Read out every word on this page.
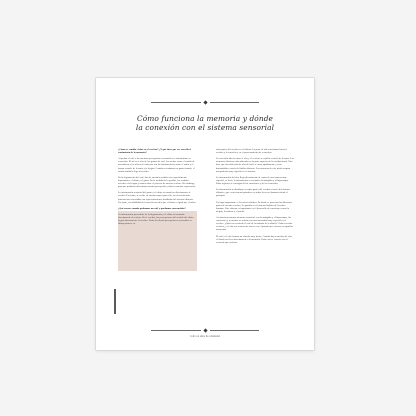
Cómo funciona la memoria y dónde
la conexión con el sistema sensorial

¿Cómo se estudia el olor en el cerebro? ¿Y qué tiene que ver con ello el sentimiento de la memoria?

Al probar el café o las nuestras percepciones sensoriales se transforman en recuerdos. El sol es el olor de los granos de café, los sueños como el sonido de una música y los olores de cada uno son las informaciones sobre el sabor y el aroma a través de la nariz y la lengua. Cuando recordamos un gusto tostado, el sonido también llega al cerebro.

En la degustación del café, dos de nuestros sentidos son especialmente importantes: el olfato y el gusto. En la medida de lo posible, los sentidos acceden a la lengua y vamos sobre el proceso de nuestro cerebro. Sin embargo, para que podamos determinar nuestra percepción y obtener nuestra experiencia.

La información sensorial del gusto y el olfato se transfiere directamente al cerebro. Por tanto, se recibe en nuestro marco para ello, las vivencias más intensas son conectadas con representaciones detalladas del sistema olfatorio. Por tanto, esa habilidad del recuerdo nos da a que el olfato es igual que el sabor.

¿Qué ocurre cuando probamos un café y quedamos convencidos?

La información procedente de la degustación y el olfato se transmite directamente al cerebro. En el cerebro, las percepciones del sentido del olfato llegan directamente al cerebro. Todas las demás percepciones sensoriales se filtran primero en

otras partes del cerebro en el tálamo. La parte de ahí conectamos hacia el cerebro y la emoción y en el procesamiento de recuerdos.

La conexión directa entre el olor y el cerebro se explica a través de la nariz. Las neuronas olfativas están ubicadas en la parte superior de la cavidad nasal. Esto hace que las moléculas de olor del café se unan rápidamente y sean transmitidas a través del bulbo olfatorio. Las neuronas de este modo ocupan una posición muy especial en el sistema.

La información del olor llega directamente al centro de una manera muy especial, es decir, la información es enviada a la amígdala y al hipocampo. Estas regiones se encargan de las emociones y de los recuerdos.

La información se distribuye a varias partes del cerebro a través del sistema olfatorio, que es un sistema primitivo en todos los seres humanos desde el principio.

Un lugar importante es la corteza olfativa. Es donde se procesan las diferentes partes de nuestro cerebro. Se guardan en el sistema límbico del cerebro humano. Este sistema es importante en el desarrollo de emociones como la alegría, la tristeza y el miedo.

Así funciona nuestra memoria sensorial: con la amígdala y el hipocampo, las emociones y recuerdos se activan con una intensidad muy especial en el cerebro. ¿Quién no recuerda el café de la mañana de la abuela? Cada recuerdo es único, y el olor nos conecta de nuevo con el pasado que vivimos en aquellos momentos.

El café y el olor forman un vínculo muy fuerte. Cuando hay recuerdos de olor, el olfato nos lleva directamente a la memoria. Todo esto se conecta con el recuerdo que vivimos.

Café con amor & comunidad
